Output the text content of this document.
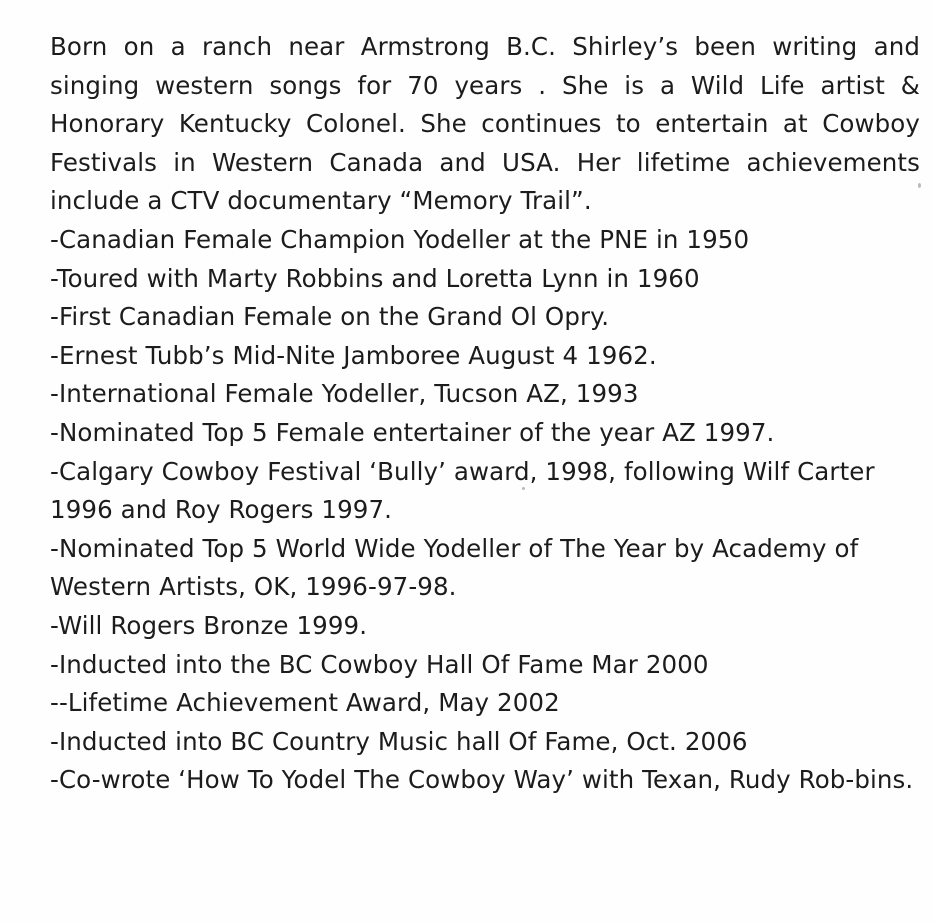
Born on a ranch near Armstrong B.C. Shirley’s been writing and singing western songs for 70 years . She is a Wild Life artist & Honorary Kentucky Colonel. She continues to entertain at Cowboy Festivals in Western Canada and USA. Her lifetime achievements include a CTV documentary “Memory Trail”.

-Canadian Female Champion Yodeller at the PNE in 1950
-Toured with Marty Robbins and Loretta Lynn in 1960
-First Canadian Female on the Grand Ol Opry.
-Ernest Tubb’s Mid-Nite Jamboree August 4 1962.
-International Female Yodeller, Tucson AZ, 1993
-Nominated Top 5 Female entertainer of the year AZ 1997.
-Calgary Cowboy Festival ‘Bully’ award, 1998, following Wilf Carter 1996 and Roy Rogers 1997.
-Nominated Top 5 World Wide Yodeller of The Year by Academy of Western Artists, OK, 1996-97-98.
-Will Rogers Bronze 1999.
-Inducted into the BC Cowboy Hall Of Fame Mar 2000
--Lifetime Achievement Award, May 2002
-Inducted into BC Country Music hall Of Fame, Oct. 2006
-Co-wrote ‘How To Yodel The Cowboy Way’ with Texan, Rudy Rob-bins.
